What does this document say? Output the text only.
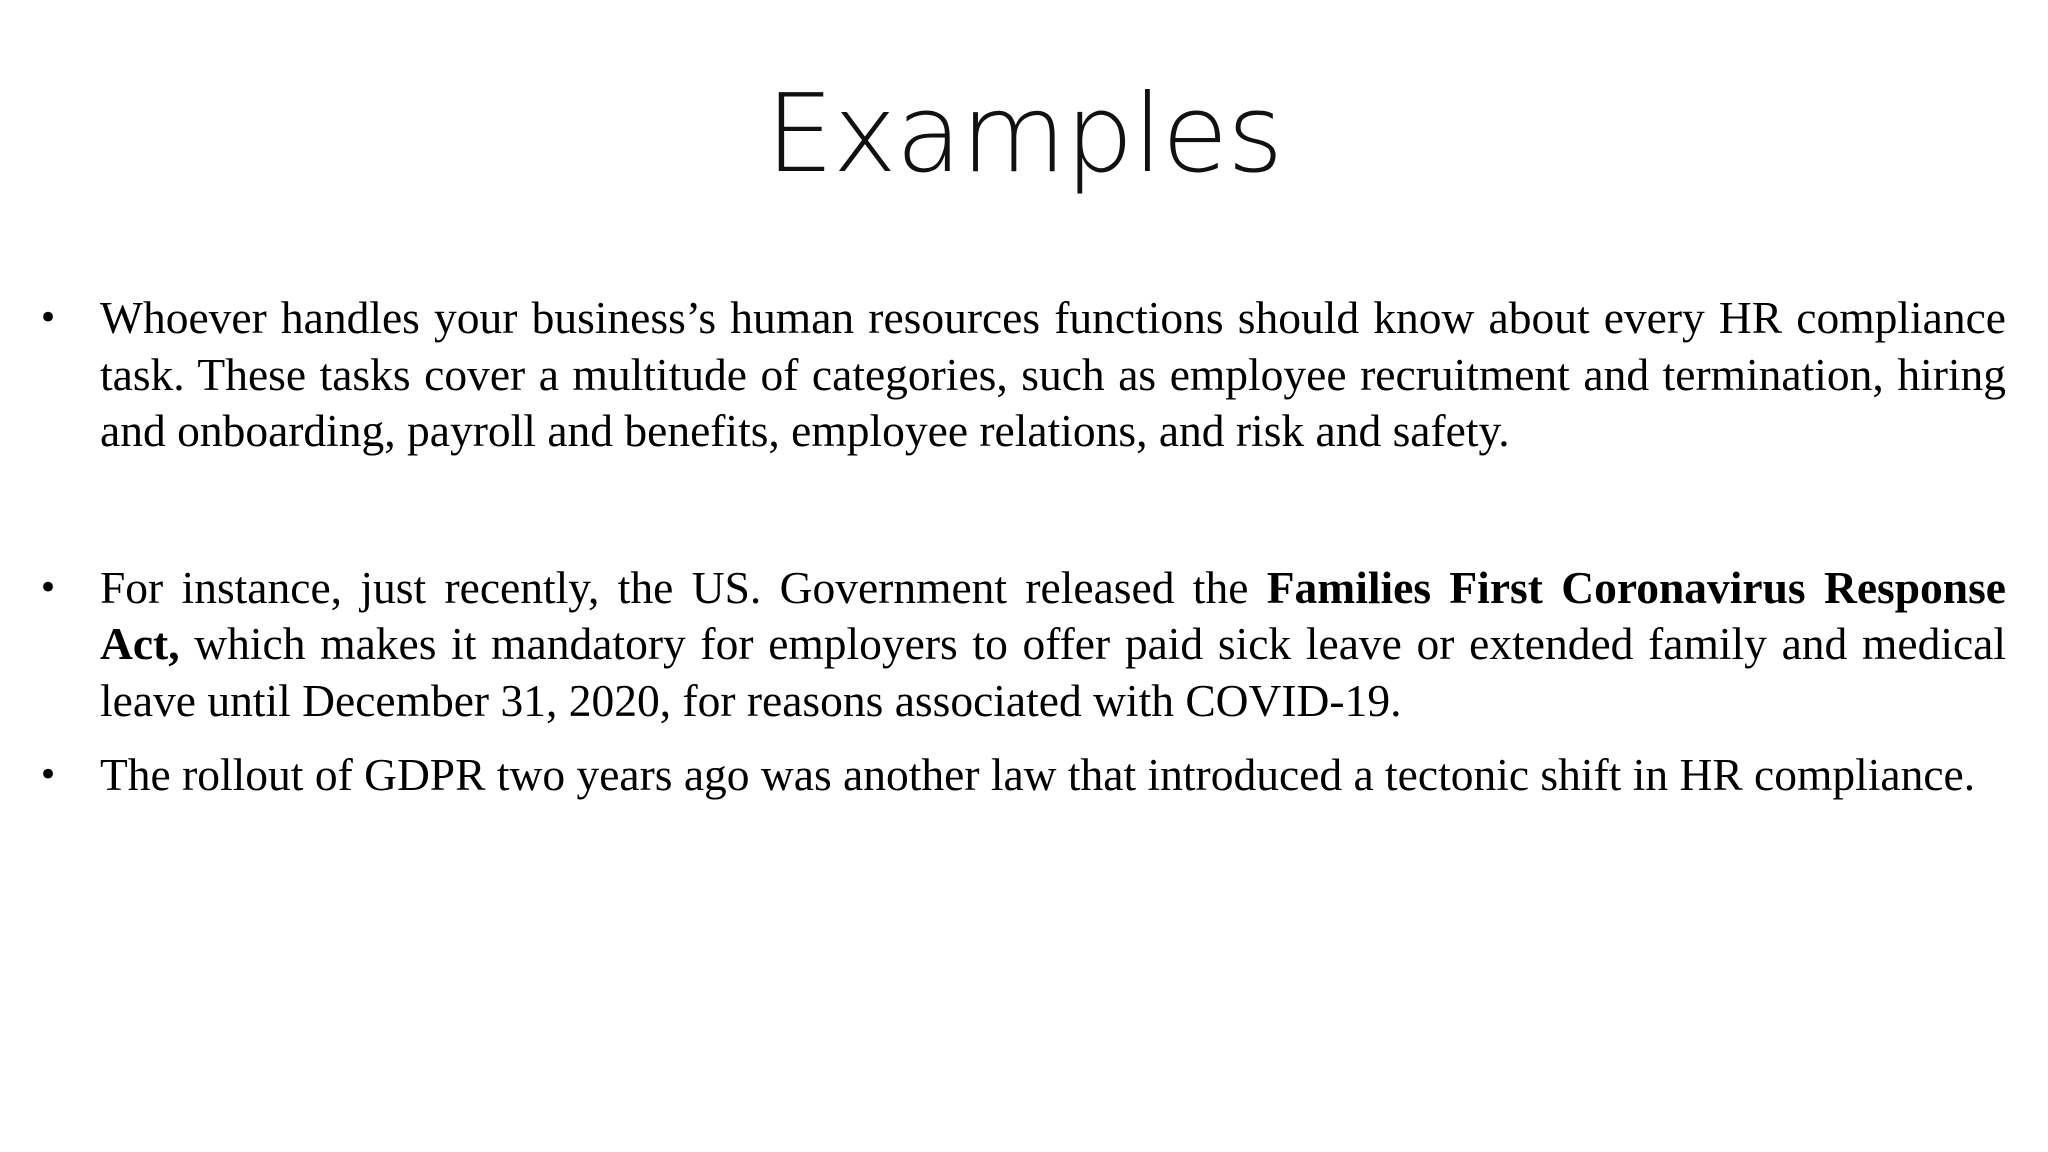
Examples
• Whoever handles your business’s human resources functions should know about every HR compliance task. These tasks cover a multitude of categories, such as employee recruitment and termination, hiring and onboarding, payroll and benefits, employee relations, and risk and safety.
• For instance, just recently, the US. Government released the Families First Coronavirus Response Act, which makes it mandatory for employers to offer paid sick leave or extended family and medical leave until December 31, 2020, for reasons associated with COVID-19.
• The rollout of GDPR two years ago was another law that introduced a tectonic shift in HR compliance.
